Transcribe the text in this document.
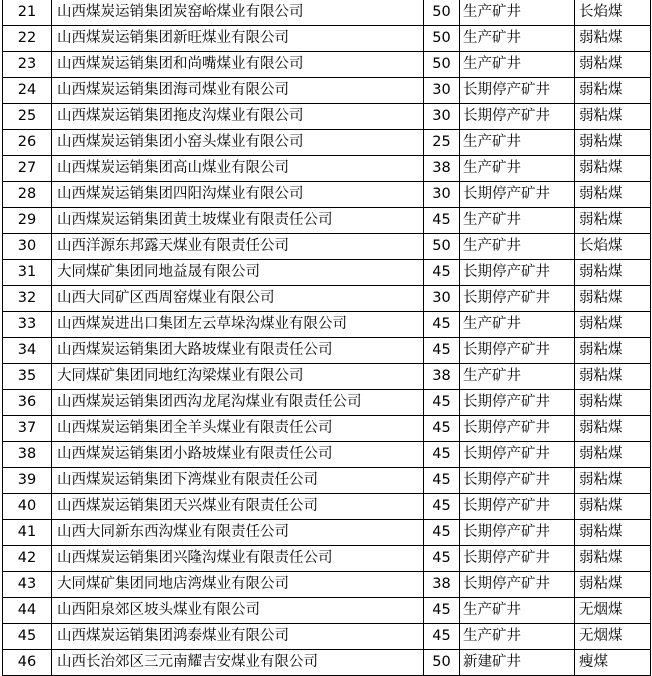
21	山西煤炭运销集团炭窑峪煤业有限公司	50	生产矿井	长焰煤
22	山西煤炭运销集团新旺煤业有限公司	50	生产矿井	弱粘煤
23	山西煤炭运销集团和尚嘴煤业有限公司	50	生产矿井	弱粘煤
24	山西煤炭运销集团海司煤业有限公司	30	长期停产矿井	弱粘煤
25	山西煤炭运销集团拖皮沟煤业有限公司	30	长期停产矿井	弱粘煤
26	山西煤炭运销集团小窑头煤业有限公司	25	生产矿井	弱粘煤
27	山西煤炭运销集团高山煤业有限公司	38	生产矿井	弱粘煤
28	山西煤炭运销集团四阳沟煤业有限公司	30	长期停产矿井	弱粘煤
29	山西煤炭运销集团黄土坡煤业有限责任公司	45	生产矿井	弱粘煤
30	山西洋源东邦露天煤业有限责任公司	50	生产矿井	长焰煤
31	大同煤矿集团同地益晟有限公司	45	长期停产矿井	弱粘煤
32	山西大同矿区西周窑煤业有限公司	30	长期停产矿井	弱粘煤
33	山西煤炭进出口集团左云草垛沟煤业有限公司	45	生产矿井	弱粘煤
34	山西煤炭运销集团大路坡煤业有限责任公司	45	长期停产矿井	弱粘煤
35	大同煤矿集团同地红沟梁煤业有限公司	38	生产矿井	弱粘煤
36	山西煤炭运销集团西沟龙尾沟煤业有限责任公司	45	长期停产矿井	弱粘煤
37	山西煤炭运销集团全羊头煤业有限责任公司	45	长期停产矿井	弱粘煤
38	山西煤炭运销集团小路坡煤业有限责任公司	45	长期停产矿井	弱粘煤
39	山西煤炭运销集团下湾煤业有限责任公司	45	长期停产矿井	弱粘煤
40	山西煤炭运销集团天兴煤业有限责任公司	45	长期停产矿井	弱粘煤
41	山西大同新东西沟煤业有限责任公司	45	长期停产矿井	弱粘煤
42	山西煤炭运销集团兴隆沟煤业有限责任公司	45	长期停产矿井	弱粘煤
43	大同煤矿集团同地店湾煤业有限公司	38	长期停产矿井	弱粘煤
44	山西阳泉郊区坡头煤业有限公司	45	生产矿井	无烟煤
45	山西煤炭运销集团鸿泰煤业有限公司	45	生产矿井	无烟煤
46	山西长治郊区三元南耀吉安煤业有限公司	50	新建矿井	瘦煤
